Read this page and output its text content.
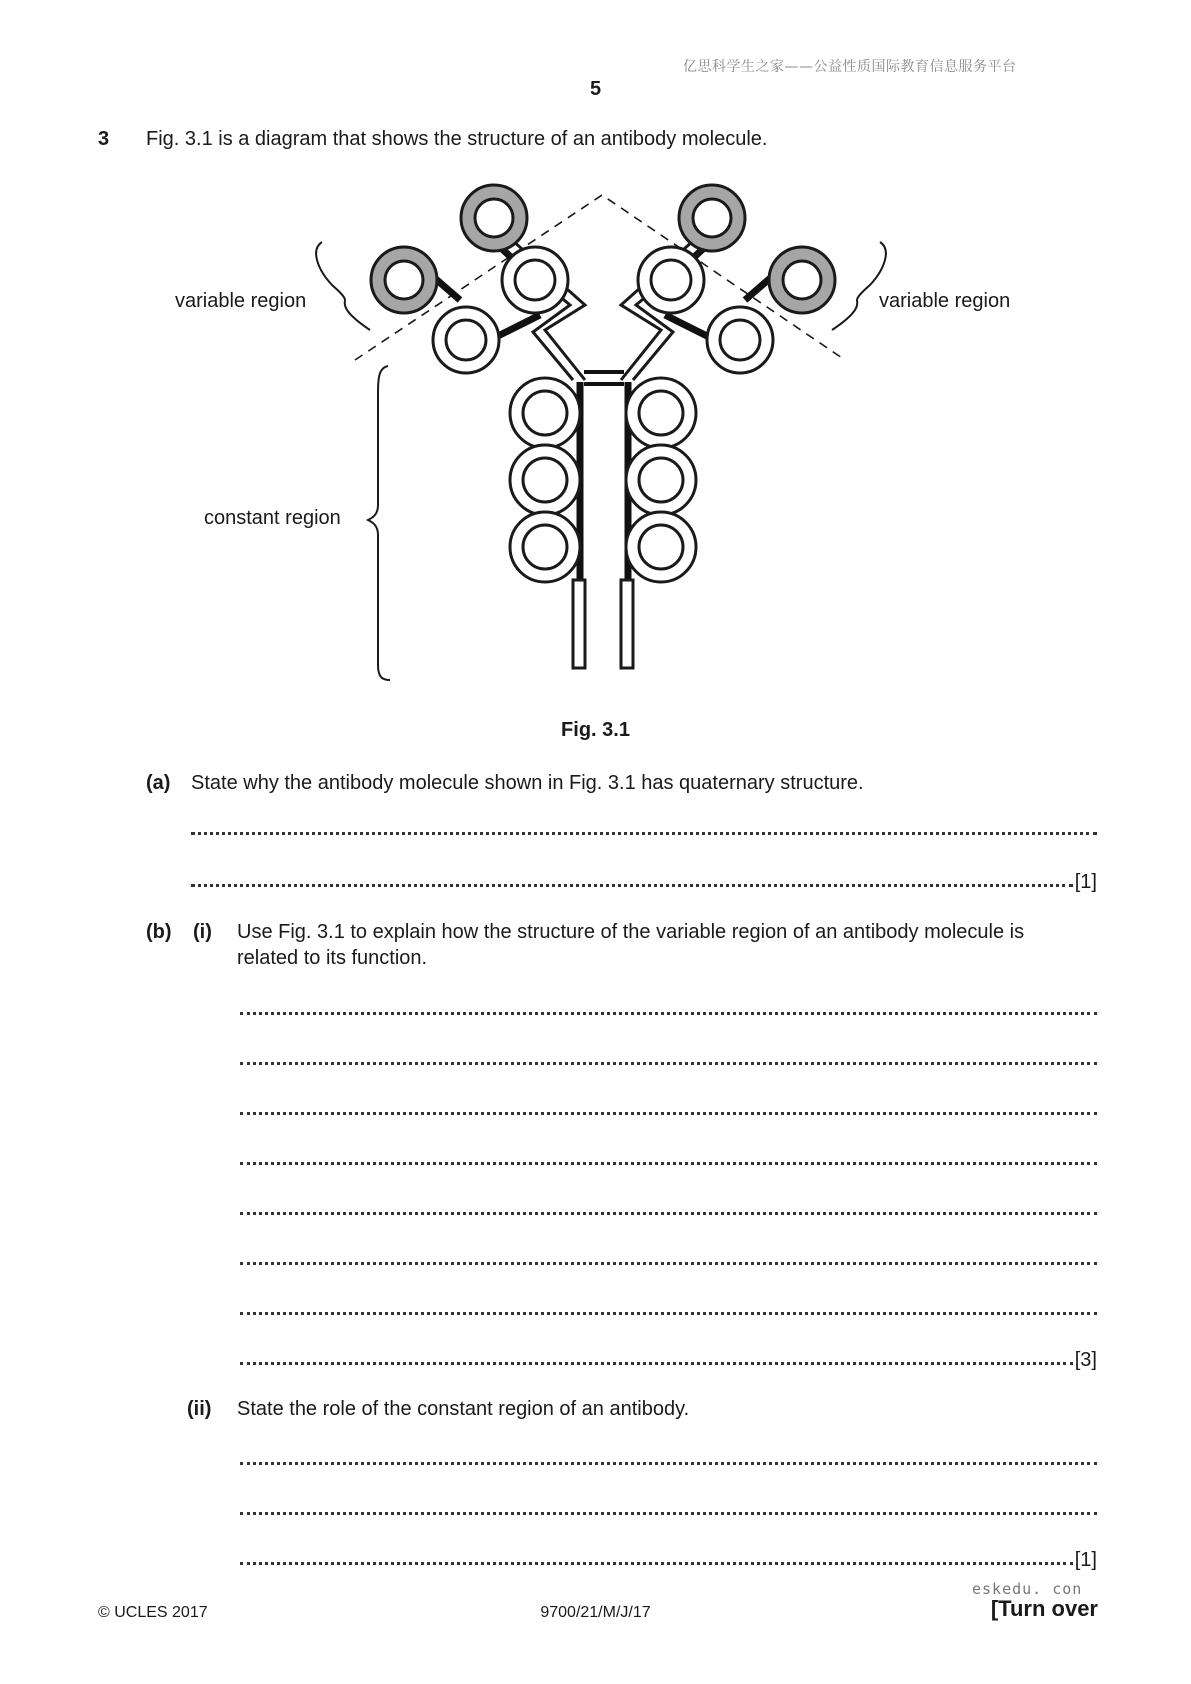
亿思科学生之家——公益性质国际教育信息服务平台
5
3 Fig. 3.1 is a diagram that shows the structure of an antibody molecule.
variable region	variable region
constant region
Fig. 3.1
(a) State why the antibody molecule shown in Fig. 3.1 has quaternary structure.
[1]
(b) (i) Use Fig. 3.1 to explain how the structure of the variable region of an antibody molecule is
related to its function.
[3]
(ii) State the role of the constant region of an antibody.
[1]
eskedu. con
© UCLES 2017	9700/21/M/J/17	[Turn over
